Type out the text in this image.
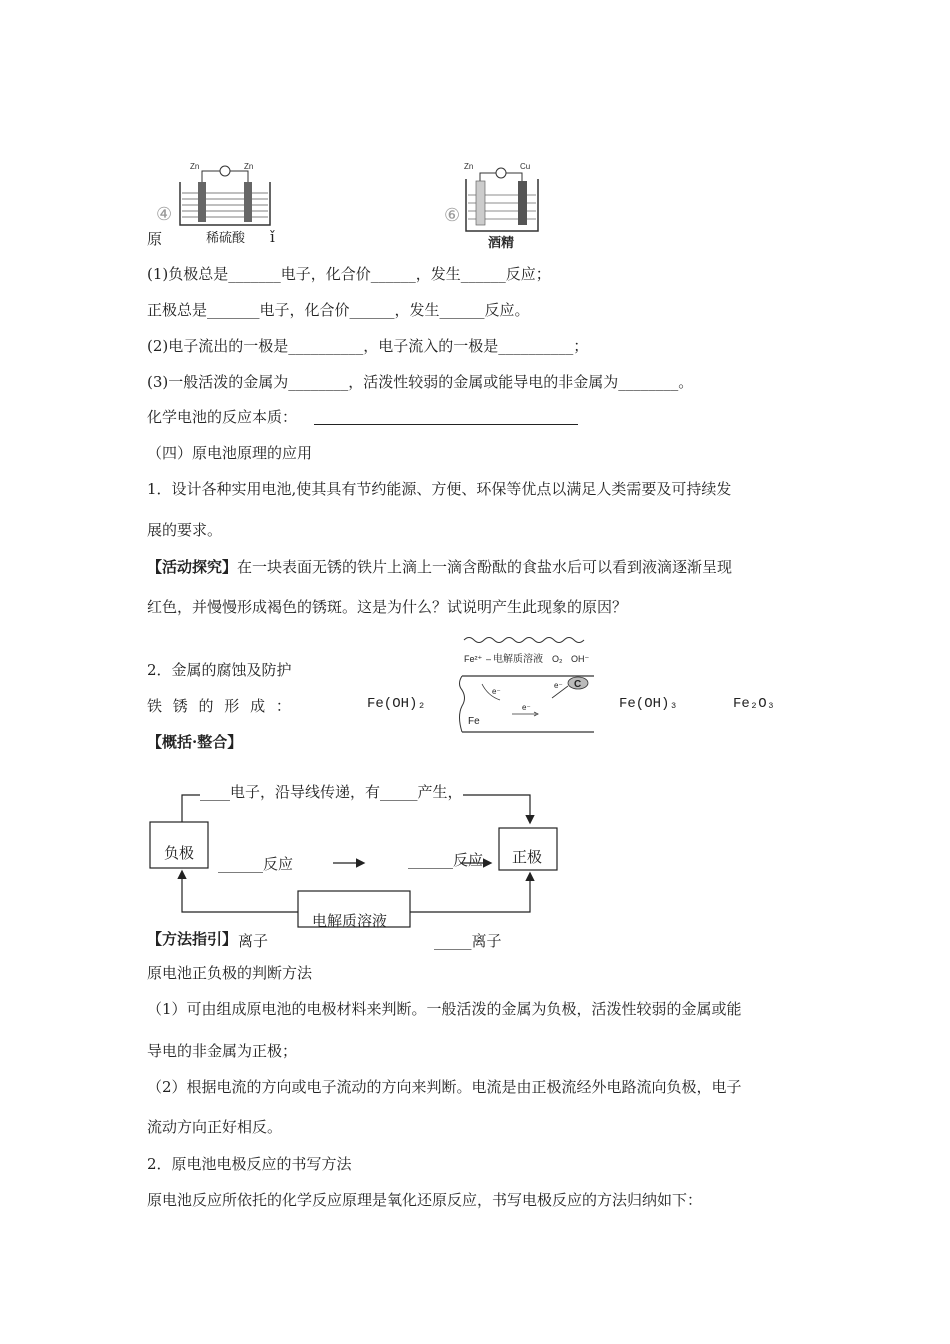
Zn	Zn
④
稀硫酸
原	ǐ
Zn	Cu
⑥
酒精
(1)负极总是_______电子，化合价______，发生______反应；
正极总是_______电子，化合价______，发生______反应。
(2)电子流出的一极是__________，电子流入的一极是__________；
(3)一般活泼的金属为________，活泼性较弱的金属或能导电的非金属为________。
化学电池的反应本质：
（四）原电池原理的应用
1．设计各种实用电池,使其具有节约能源、方便、环保等优点以满足人类需要及可持续发
展的要求。
【活动探究】在一块表面无锈的铁片上滴上一滴含酚酞的食盐水后可以看到液滴逐渐呈现
红色，并慢慢形成褐色的锈斑。这是为什么？试说明产生此现象的原因？
2．金属的腐蚀及防护
铁 锈 的 形 成 ：	Fe(OH)₂	Fe(OH)₃	Fe₂O₃
Fe²⁺ – 电解质溶液 O₂ OH⁻
C
e⁻
e⁻
e⁻
Fe
【概括·整合】
____电子，沿导线传递，有_____产生，
负极	正极
______反应	______反应
电解质溶液
【方法指引】 离子	_____离子
原电池正负极的判断方法
（1）可由组成原电池的电极材料来判断。一般活泼的金属为负极，活泼性较弱的金属或能
导电的非金属为正极；
（2）根据电流的方向或电子流动的方向来判断。电流是由正极流经外电路流向负极，电子
流动方向正好相反。
2．原电池电极反应的书写方法
原电池反应所依托的化学反应原理是氧化还原反应，书写电极反应的方法归纳如下：
